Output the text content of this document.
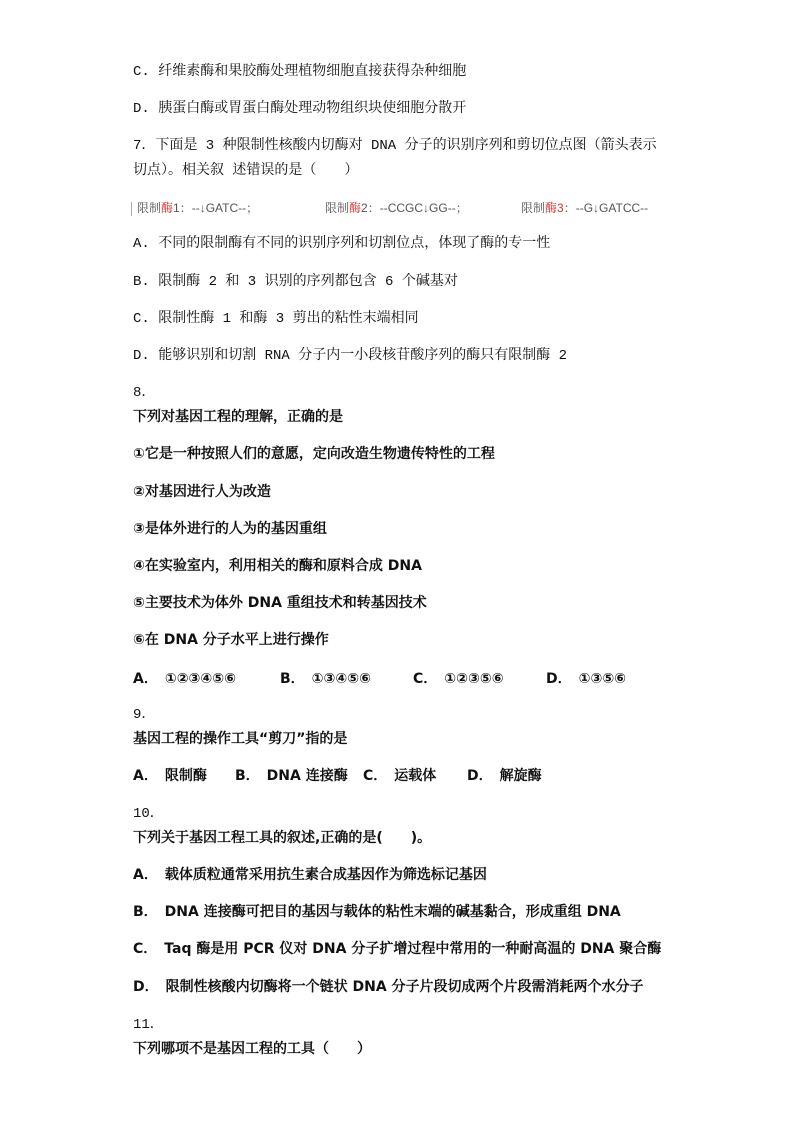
C. 纤维素酶和果胶酶处理植物细胞直接获得杂种细胞
D. 胰蛋白酶或胃蛋白酶处理动物组织块使细胞分散开
7．下面是 3 种限制性核酸内切酶对 DNA 分子的识别序列和剪切位点图（箭头表示
切点）。相关叙 述错误的是（　　）
限制酶1：--↓GATC--；	限制酶2：--CCGC↓GG--；	限制酶3：--G↓GATCC--
A. 不同的限制酶有不同的识别序列和切割位点，体现了酶的专一性
B. 限制酶 2 和 3 识别的序列都包含 6 个碱基对
C. 限制性酶 1 和酶 3 剪出的粘性末端相同
D. 能够识别和切割 RNA 分子内一小段核苷酸序列的酶只有限制酶 2
8．
下列对基因工程的理解，正确的是
①它是一种按照人们的意愿，定向改造生物遗传特性的工程
②对基因进行人为改造
③是体外进行的人为的基因重组
④在实验室内，利用相关的酶和原料合成 DNA
⑤主要技术为体外 DNA 重组技术和转基因技术
⑥在 DNA 分子水平上进行操作
A．　①②③④⑤⑥	B．　①③④⑤⑥	C．　①②③⑤⑥	D．　①③⑤⑥
9．
基因工程的操作工具“剪刀”指的是
A．　限制酶 B．　DNA 连接酶 C．　运载体 D．　解旋酶
10．
下列关于基因工程工具的叙述,正确的是(　　)。
A．　载体质粒通常采用抗生素合成基因作为筛选标记基因
B．　DNA 连接酶可把目的基因与载体的粘性末端的碱基黏合，形成重组 DNA
C．　Taq 酶是用 PCR 仪对 DNA 分子扩增过程中常用的一种耐高温的 DNA 聚合酶
D．　限制性核酸内切酶将一个链状 DNA 分子片段切成两个片段需消耗两个水分子
11．
下列哪项不是基因工程的工具（　　）
